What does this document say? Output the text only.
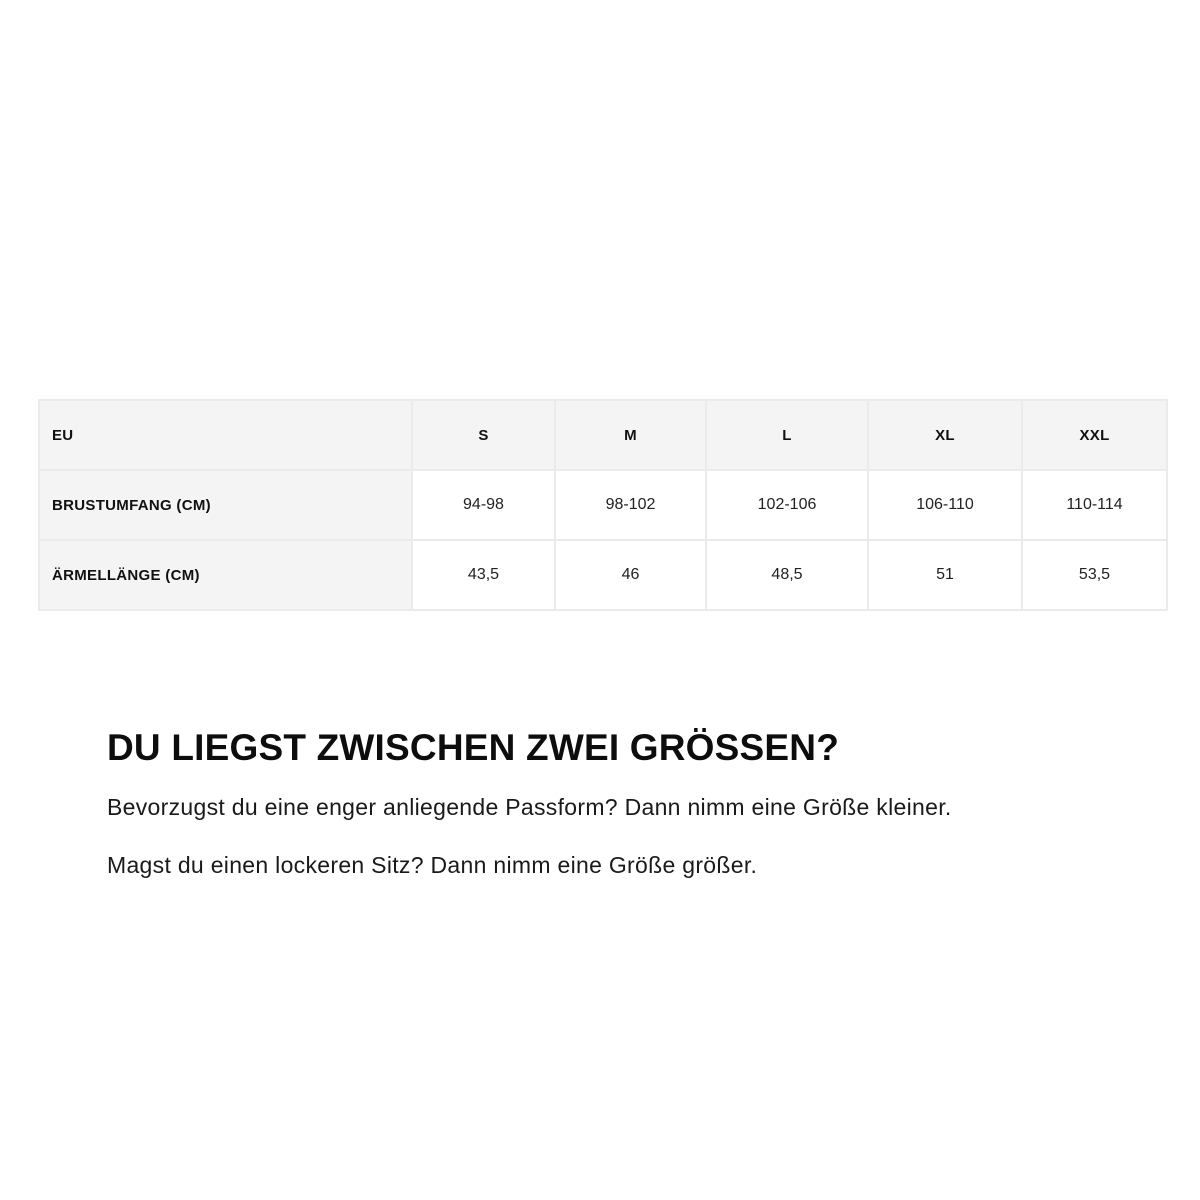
EU	S	M	L	XL	XXL
BRUSTUMFANG (CM)	94-98	98-102	102-106	106-110	110-114
ÄRMELLÄNGE (CM)	43,5	46	48,5	51	53,5
DU LIEGST ZWISCHEN ZWEI GRÖSSEN?

Bevorzugst du eine enger anliegende Passform? Dann nimm eine Größe kleiner.

Magst du einen lockeren Sitz? Dann nimm eine Größe größer.
